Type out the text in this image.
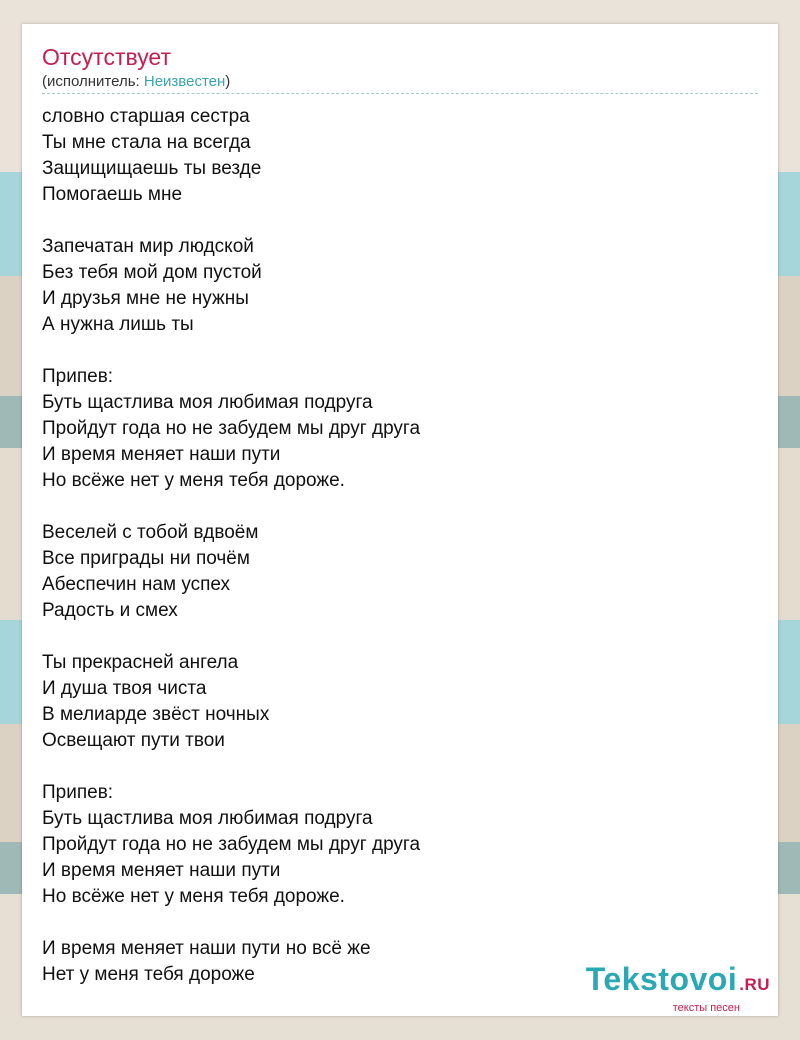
Отсутствует
(исполнитель: Неизвестен)

словно старшая сестра
Ты мне стала на всегда
Защищищаешь ты везде
Помогаешь мне

Запечатан мир людской
Без тебя мой дом пустой
И друзья мне не нужны
А нужна лишь ты

Припев:
Буть щастлива моя любимая подруга
Пройдут года но не забудем мы друг друга
И время меняет наши пути
Но всёже нет у меня тебя дороже.

Веселей с тобой вдвоём
Все приграды ни почём
Абеспечин нам успех
Радость и смех

Ты прекрасней ангела
И душа твоя чиста
В мелиарде звёст ночных
Освещают пути твои

Припев:
Буть щастлива моя любимая подруга
Пройдут года но не забудем мы друг друга
И время меняет наши пути
Но всёже нет у меня тебя дороже.

И время меняет наши пути но всё же
Нет у меня тебя дороже	Tekstovoi .RU
тексты песен
